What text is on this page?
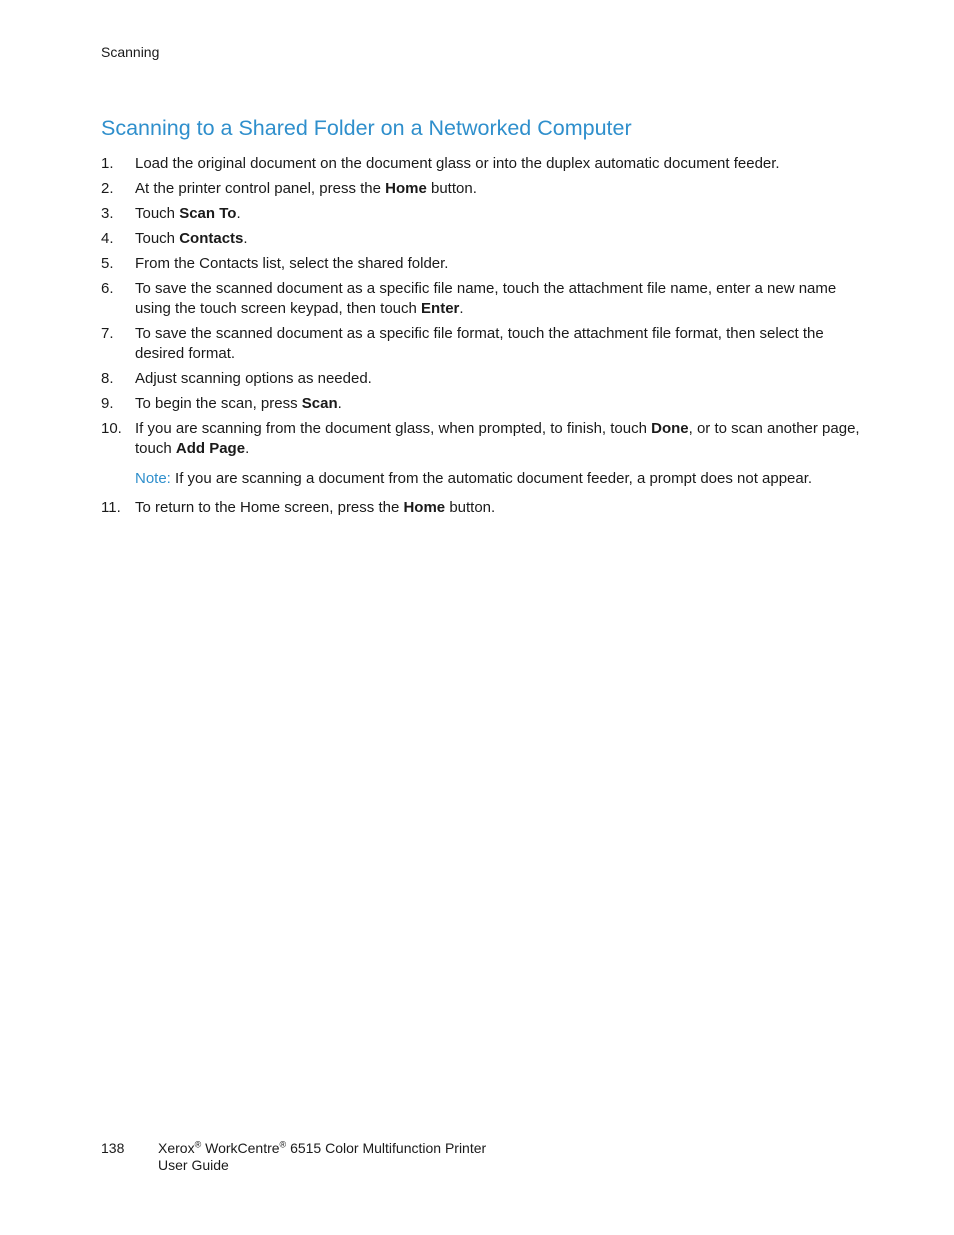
Scanning
Scanning to a Shared Folder on a Networked Computer
1. Load the original document on the document glass or into the duplex automatic document feeder.
2. At the printer control panel, press the Home button.
3. Touch Scan To.
4. Touch Contacts.
5. From the Contacts list, select the shared folder.
6. To save the scanned document as a specific file name, touch the attachment file name, enter a new name using the touch screen keypad, then touch Enter.
7. To save the scanned document as a specific file format, touch the attachment file format, then select the desired format.
8. Adjust scanning options as needed.
9. To begin the scan, press Scan.
10. If you are scanning from the document glass, when prompted, to finish, touch Done, or to scan another page, touch Add Page.
Note: If you are scanning a document from the automatic document feeder, a prompt does not appear.
11. To return to the Home screen, press the Home button.
138 Xerox® WorkCentre® 6515 Color Multifunction Printer
User Guide
